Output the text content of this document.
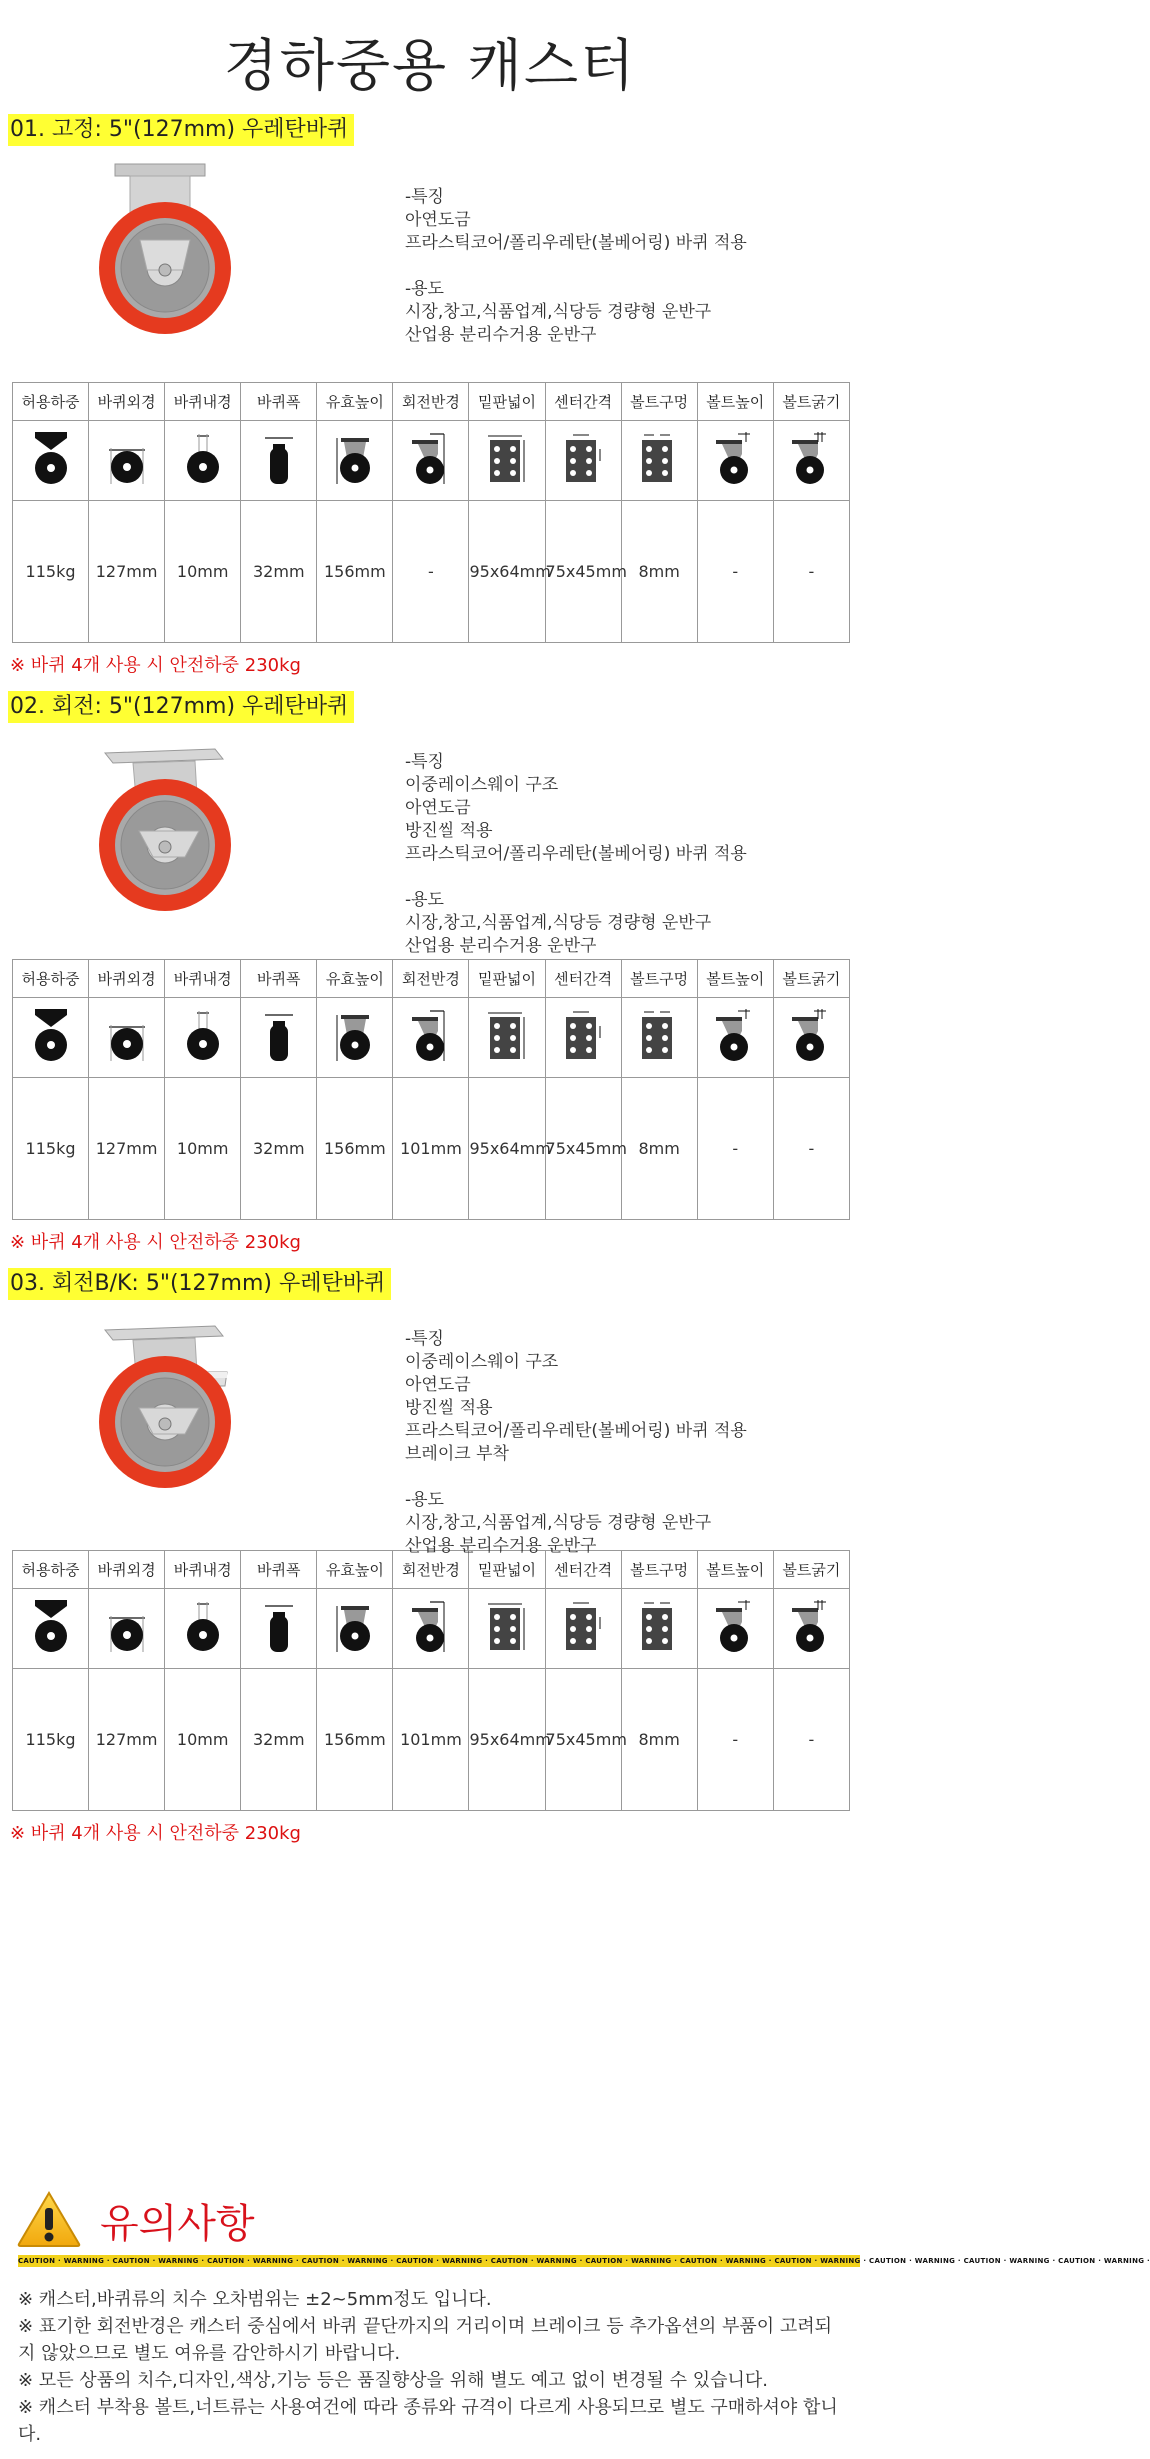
경하중용 캐스터
01. 고정: 5"(127mm) 우레탄바퀴
-특징
아연도금
프라스틱코어/폴리우레탄(볼베어링) 바퀴 적용
-용도
시장,창고,식품업계,식당등 경량형 운반구
산업용 분리수거용 운반구
허용하중	바퀴외경	바퀴내경	바퀴폭	유효높이	회전반경	밑판넓이	센터간격	볼트구멍	볼트높이	볼트굵기

115kg	127mm	10mm	32mm	156mm	-	95x64mm	75x45mm	8mm	-	-
※ 바퀴 4개 사용 시 안전하중 230kg
02. 회전: 5"(127mm) 우레탄바퀴
-특징
이중레이스웨이 구조
아연도금
방진씰 적용
프라스틱코어/폴리우레탄(볼베어링) 바퀴 적용
-용도
시장,창고,식품업계,식당등 경량형 운반구
산업용 분리수거용 운반구
허용하중	바퀴외경	바퀴내경	바퀴폭	유효높이	회전반경	밑판넓이	센터간격	볼트구멍	볼트높이	볼트굵기

115kg	127mm	10mm	32mm	156mm	101mm	95x64mm	75x45mm	8mm	-	-
※ 바퀴 4개 사용 시 안전하중 230kg
03. 회전B/K: 5"(127mm) 우레탄바퀴
-특징
이중레이스웨이 구조
아연도금
방진씰 적용
프라스틱코어/폴리우레탄(볼베어링) 바퀴 적용
브레이크 부착
-용도
시장,창고,식품업계,식당등 경량형 운반구
산업용 분리수거용 운반구
허용하중	바퀴외경	바퀴내경	바퀴폭	유효높이	회전반경	밑판넓이	센터간격	볼트구멍	볼트높이	볼트굵기

115kg	127mm	10mm	32mm	156mm	101mm	95x64mm	75x45mm	8mm	-	-
※ 바퀴 4개 사용 시 안전하중 230kg
유의사항
CAUTION · WARNING · CAUTION · WARNING · CAUTION · WARNING · CAUTION · WARNING · CAUTION · WARNING · CAUTION · WARNING · CAUTION · WARNING · CAUTION · WARNING · CAUTION · WARNING · CAUTION · WARNING · CAUTION · WARNING · CAUTION · WARNING ·
※ 캐스터,바퀴류의 치수 오차범위는 ±2~5mm정도 입니다.
※ 표기한 회전반경은 캐스터 중심에서 바퀴 끝단까지의 거리이며 브레이크 등 추가옵션의 부품이 고려되지 않았으므로 별도 여유를 감안하시기 바랍니다.
※ 모든 상품의 치수,디자인,색상,기능 등은 품질향상을 위해 별도 예고 없이 변경될 수 있습니다.
※ 캐스터 부착용 볼트,너트류는 사용여건에 따라 종류와 규격이 다르게 사용되므로 별도 구매하셔야 합니다.
